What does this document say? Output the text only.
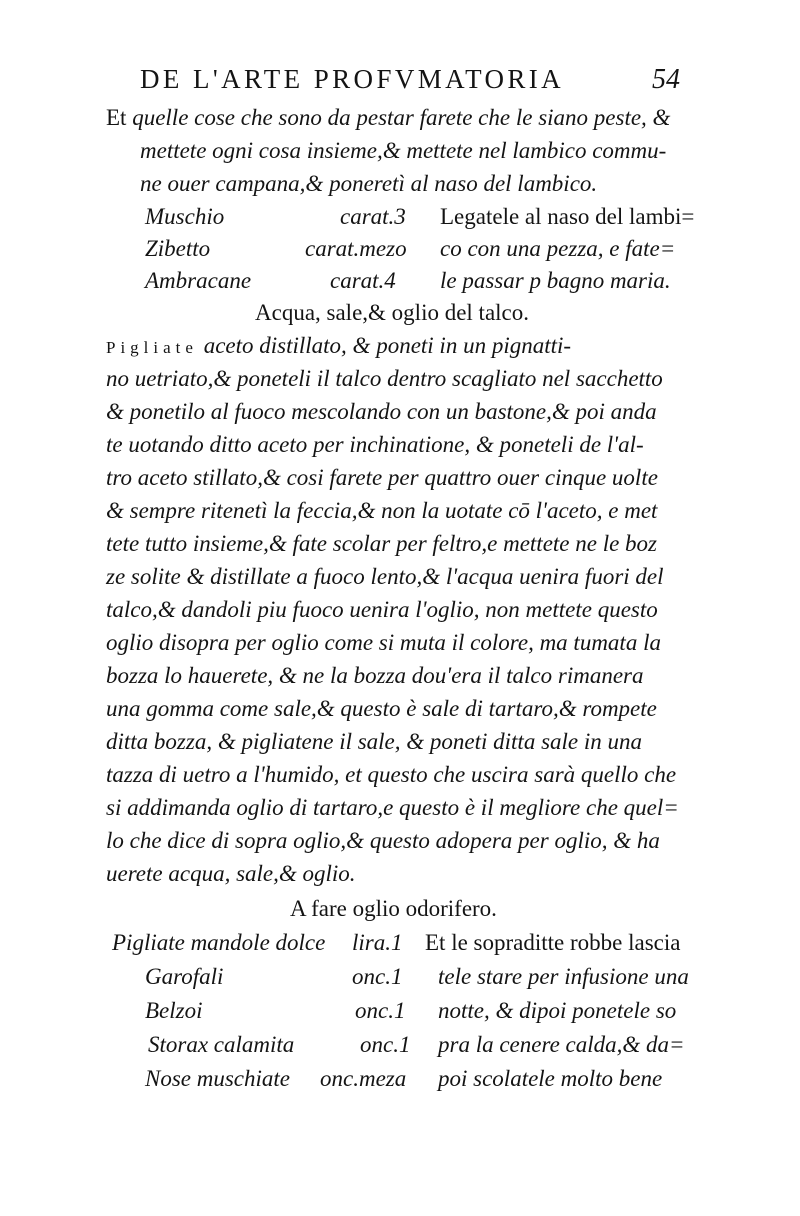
DE L'ARTE PROFVMATORIA	54
Et quelle cose che sono da pestar farete che le siano peste, &
mettete ogni cosa insieme,& mettete nel lambico commu-
ne ouer campana,& poneretì al naso del lambico.
Muschio	carat.3 Legatele al naso del lambi=
Zibetto	carat.mezo co con una pezza, e fate=
Ambracane	carat.4 le passar p bagno maria.
Acqua, sale,& oglio del talco.
Pigliate aceto distillato, & poneti in un pignatti-
no uetriato,& poneteli il talco dentro scagliato nel sacchetto
& ponetilo al fuoco mescolando con un bastone,& poi anda
te uotando ditto aceto per inchinatione, & poneteli de l'al-
tro aceto stillato,& cosi farete per quattro ouer cinque uolte
& sempre ritenetì la feccia,& non la uotate cō l'aceto, e met
tete tutto insieme,& fate scolar per feltro,e mettete ne le boz
ze solite & distillate a fuoco lento,& l'acqua uenira fuori del
talco,& dandoli piu fuoco uenira l'oglio, non mettete questo
oglio disopra per oglio come si muta il colore, ma tumata la
bozza lo hauerete, & ne la bozza dou'era il talco rimanera
una gomma come sale,& questo è sale di tartaro,& rompete
ditta bozza, & pigliatene il sale, & poneti ditta sale in una
tazza di uetro a l'humido, et questo che uscira sarà quello che
si addimanda oglio di tartaro,e questo è il megliore che quel=
lo che dice di sopra oglio,& questo adopera per oglio, & ha
uerete acqua, sale,& oglio.
A fare oglio odorifero.
Pigliate mandole dolce lira.1 Et le sopraditte robbe lascia
Garofali	onc.1 tele stare per infusione una
Belzoi	onc.1 notte, & dipoi ponetele so
Storax calamita	onc.1 pra la cenere calda,& da=
Nose muschiate onc.meza poi scolatele molto bene
